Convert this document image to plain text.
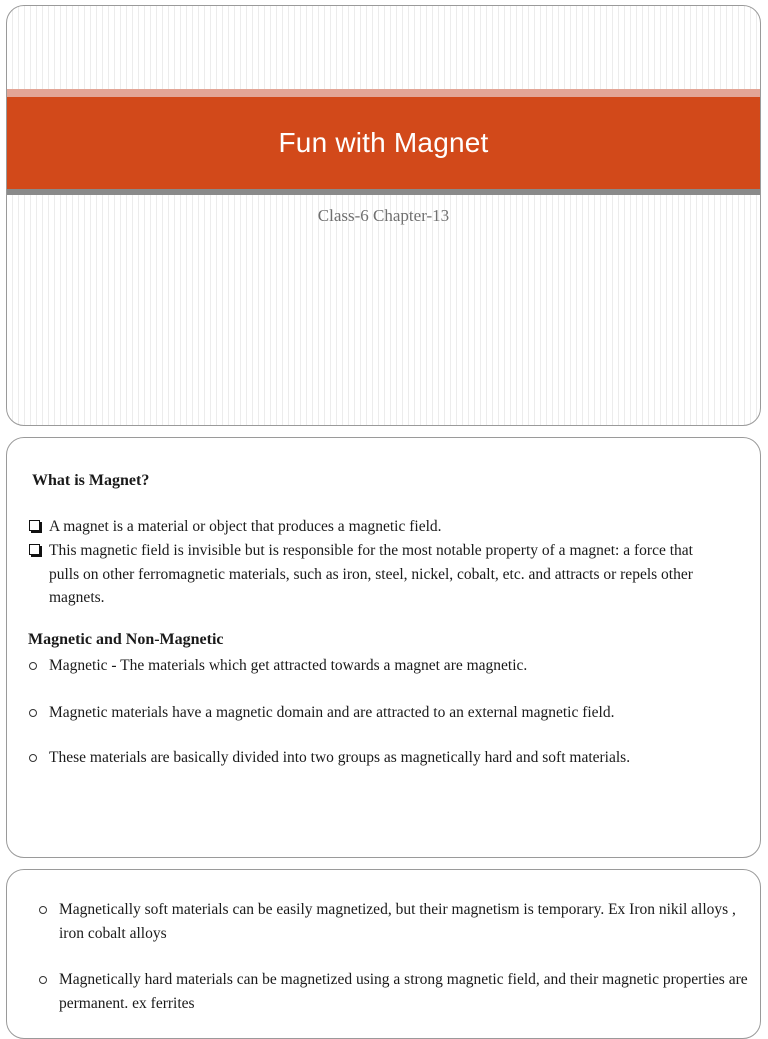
Fun with Magnet
Class-6 Chapter-13
What is Magnet?
A magnet is a material or object that produces a magnetic field.
This magnetic field is invisible but is responsible for the most notable property of a magnet: a force that pulls on other ferromagnetic materials, such as iron, steel, nickel, cobalt, etc. and attracts or repels other magnets.
Magnetic and Non-Magnetic
Magnetic - The materials which get attracted towards a magnet are magnetic.
Magnetic materials have a magnetic domain and are attracted to an external magnetic field.
These materials are basically divided into two groups as magnetically hard and soft materials.
Magnetically soft materials can be easily magnetized, but their magnetism is temporary. Ex Iron nikil alloys , iron cobalt alloys
Magnetically hard materials can be magnetized using a strong magnetic field, and their magnetic properties are permanent. ex ferrites
